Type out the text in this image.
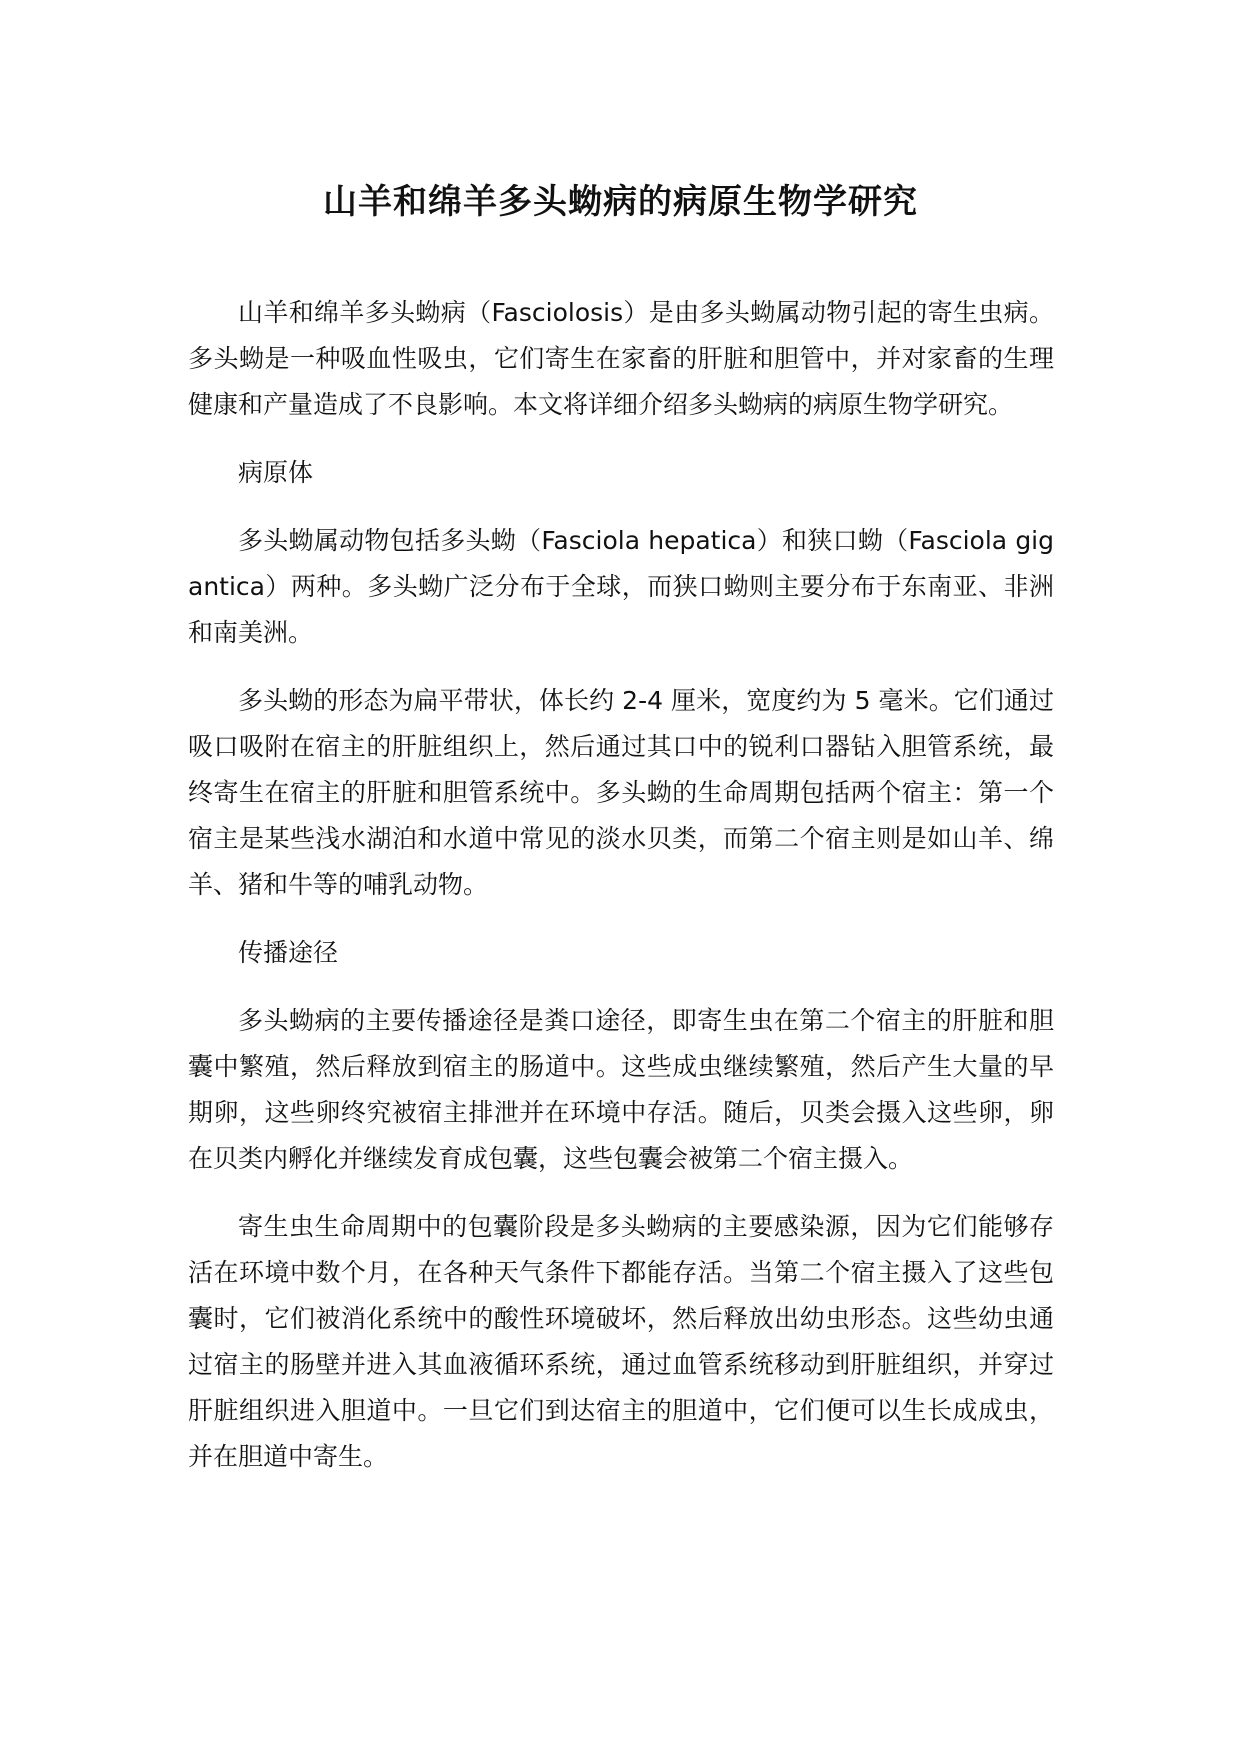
山羊和绵羊多头蚴病的病原生物学研究

山羊和绵羊多头蚴病（Fasciolosis）是由多头蚴属动物引起的寄生虫病。多头蚴是一种吸血性吸虫，它们寄生在家畜的肝脏和胆管中，并对家畜的生理健康和产量造成了不良影响。本文将详细介绍多头蚴病的病原生物学研究。

病原体

多头蚴属动物包括多头蚴（Fasciola hepatica）和狭口蚴（Fasciola gigantica）两种。多头蚴广泛分布于全球，而狭口蚴则主要分布于东南亚、非洲和南美洲。

多头蚴的形态为扁平带状，体长约 2-4 厘米，宽度约为 5 毫米。它们通过吸口吸附在宿主的肝脏组织上，然后通过其口中的锐利口器钻入胆管系统，最终寄生在宿主的肝脏和胆管系统中。多头蚴的生命周期包括两个宿主：第一个宿主是某些浅水湖泊和水道中常见的淡水贝类，而第二个宿主则是如山羊、绵羊、猪和牛等的哺乳动物。

传播途径

多头蚴病的主要传播途径是粪口途径，即寄生虫在第二个宿主的肝脏和胆囊中繁殖，然后释放到宿主的肠道中。这些成虫继续繁殖，然后产生大量的早期卵，这些卵终究被宿主排泄并在环境中存活。随后，贝类会摄入这些卵，卵在贝类内孵化并继续发育成包囊，这些包囊会被第二个宿主摄入。

寄生虫生命周期中的包囊阶段是多头蚴病的主要感染源，因为它们能够存活在环境中数个月，在各种天气条件下都能存活。当第二个宿主摄入了这些包囊时，它们被消化系统中的酸性环境破坏，然后释放出幼虫形态。这些幼虫通过宿主的肠壁并进入其血液循环系统，通过血管系统移动到肝脏组织，并穿过肝脏组织进入胆道中。一旦它们到达宿主的胆道中，它们便可以生长成成虫，并在胆道中寄生。
